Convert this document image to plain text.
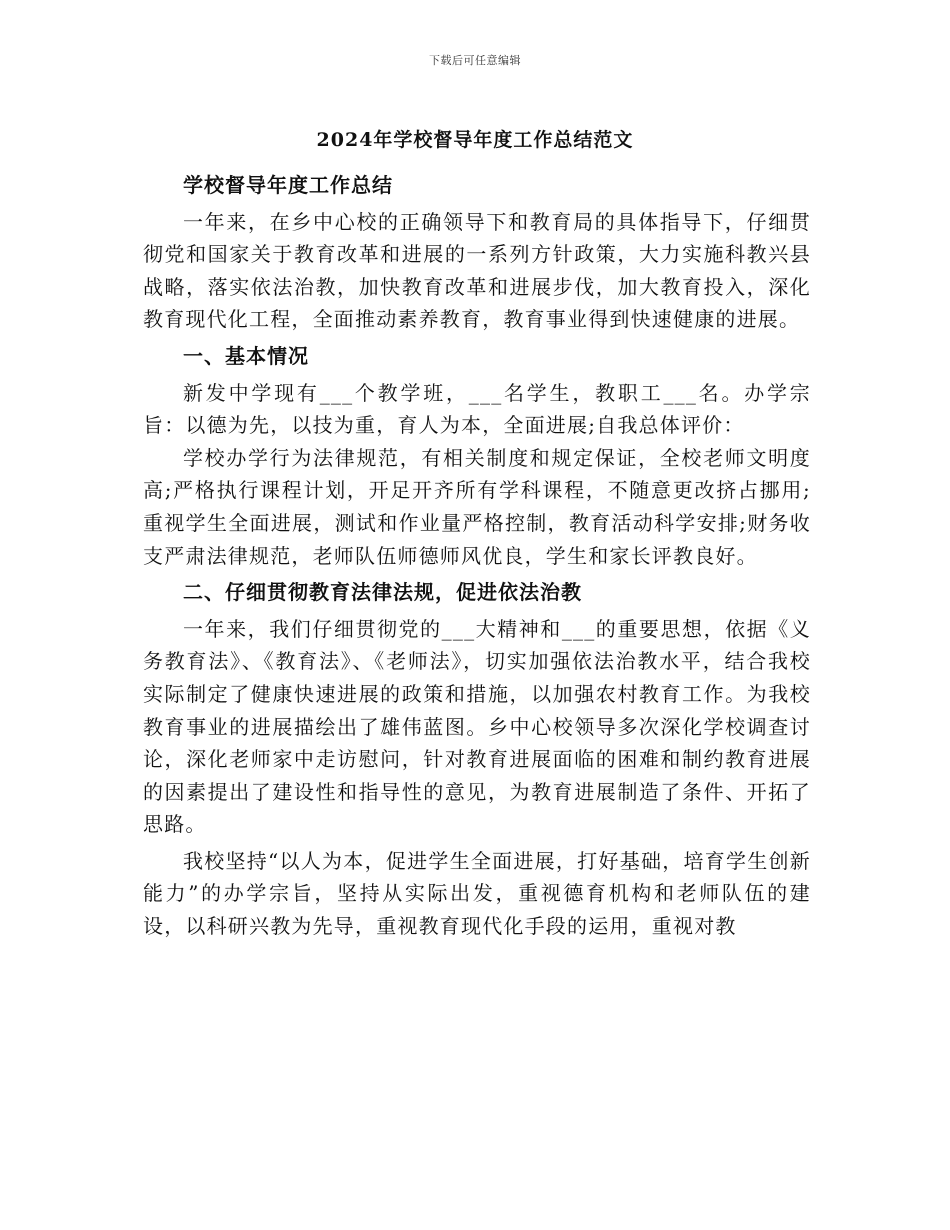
下载后可任意编辑
2024年学校督导年度工作总结范文

学校督导年度工作总结

一年来，在乡中心校的正确领导下和教育局的具体指导下，仔细贯彻党和国家关于教育改革和进展的一系列方针政策，大力实施科教兴县战略，落实依法治教，加快教育改革和进展步伐，加大教育投入，深化教育现代化工程，全面推动素养教育，教育事业得到快速健康的进展。

一、基本情况

新发中学现有___个教学班，___名学生，教职工___名。办学宗旨：以德为先，以技为重，育人为本，全面进展;自我总体评价：

学校办学行为法律规范，有相关制度和规定保证，全校老师文明度高;严格执行课程计划，开足开齐所有学科课程，不随意更改挤占挪用;重视学生全面进展，测试和作业量严格控制，教育活动科学安排;财务收支严肃法律规范，老师队伍师德师风优良，学生和家长评教良好。

二、仔细贯彻教育法律法规，促进依法治教

一年来，我们仔细贯彻党的___大精神和___的重要思想，依据《义务教育法》、《教育法》、《老师法》，切实加强依法治教水平，结合我校实际制定了健康快速进展的政策和措施，以加强农村教育工作。为我校教育事业的进展描绘出了雄伟蓝图。乡中心校领导多次深化学校调查讨论，深化老师家中走访慰问，针对教育进展面临的困难和制约教育进展的因素提出了建设性和指导性的意见，为教育进展制造了条件、开拓了思路。

我校坚持“以人为本，促进学生全面进展，打好基础，培育学生创新能力”的办学宗旨，坚持从实际出发，重视德育机构和老师队伍的建设，以科研兴教为先导，重视教育现代化手段的运用，重视对教
